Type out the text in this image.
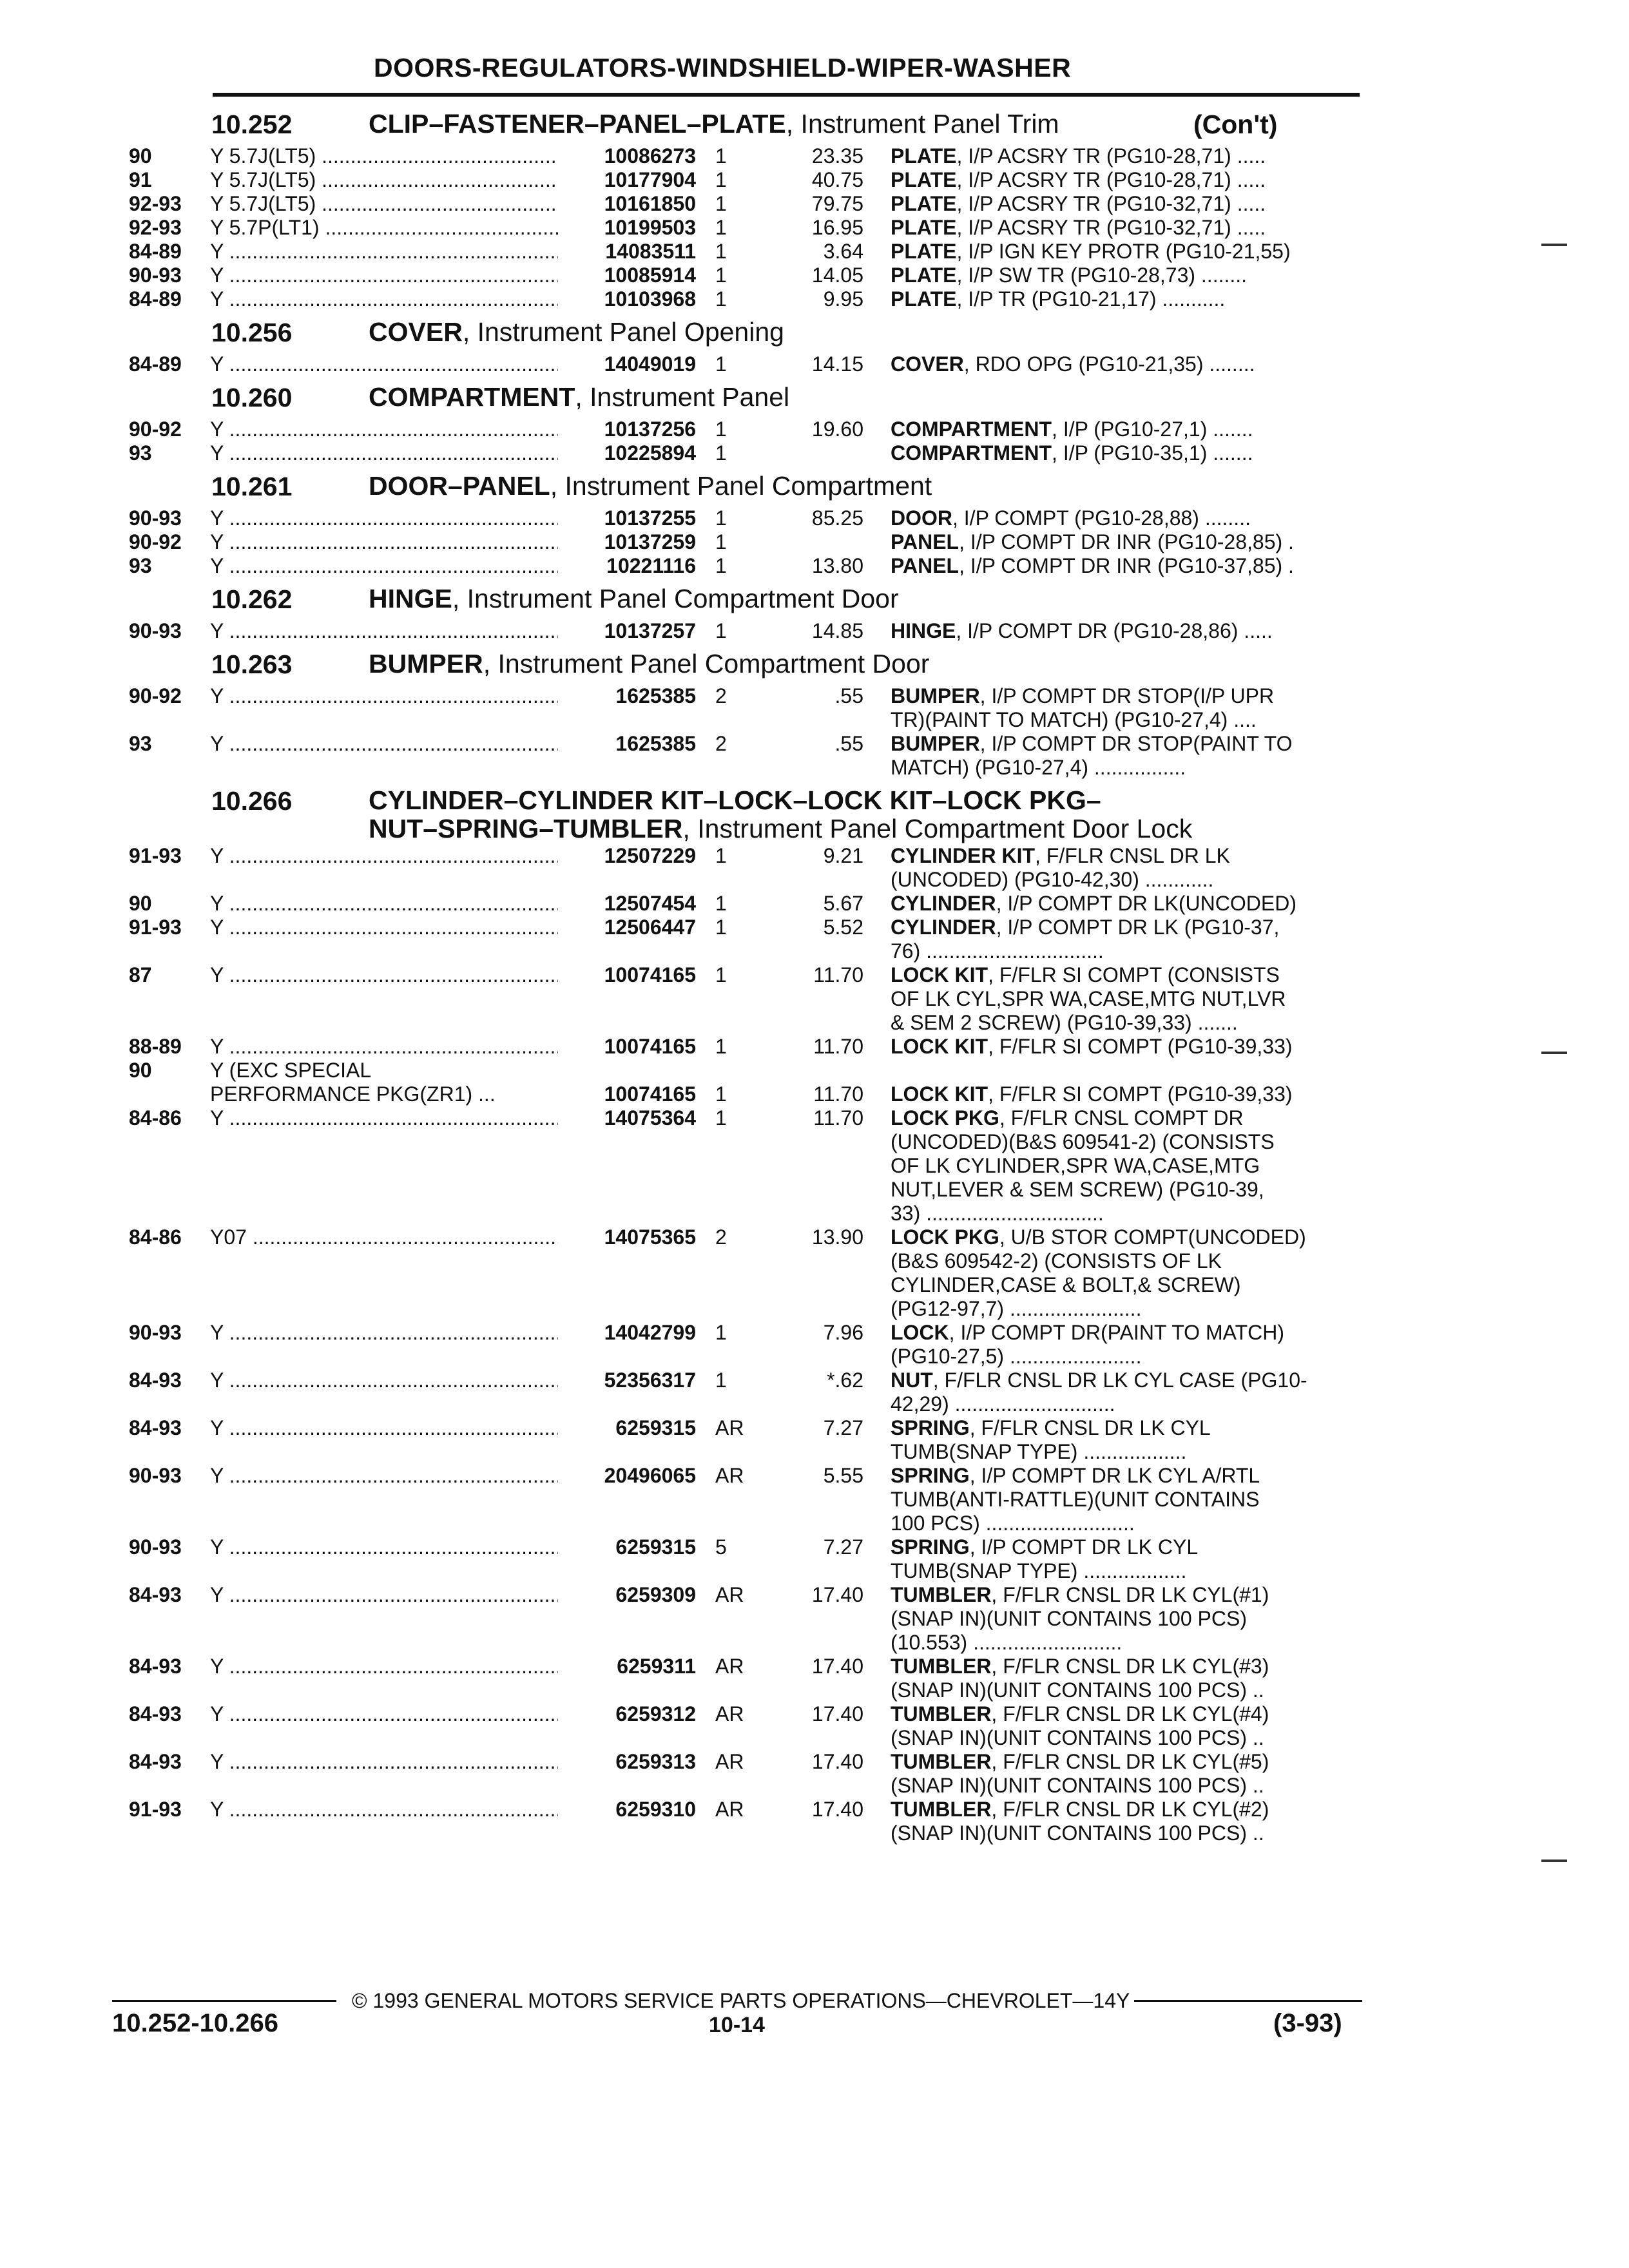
DOORS-REGULATORS-WINDSHIELD-WIPER-WASHER
10.252	CLIP–FASTENER–PANEL–PLATE, Instrument Panel Trim	(Con't)
90	Y 5.7J(LT5) .....	10086273 1	23.35 PLATE, I/P ACSRY TR (PG10-28,71) .....
91	Y 5.7J(LT5) .....	10177904 1	40.75 PLATE, I/P ACSRY TR (PG10-28,71) .....
92-93 Y 5.7J(LT5) .....	10161850 1	79.75 PLATE, I/P ACSRY TR (PG10-32,71) .....
92-93 Y 5.7P(LT1) .....	10199503 1	16.95 PLATE, I/P ACSRY TR (PG10-32,71) .....
84-89 Y .....	14083511 1	3.64 PLATE, I/P IGN KEY PROTR (PG10-21,55)
90-93 Y .....	10085914 1	14.05 PLATE, I/P SW TR (PG10-28,73) ........
84-89 Y .....	10103968 1	9.95 PLATE, I/P TR (PG10-21,17) ...........
10.256	COVER, Instrument Panel Opening
84-89 Y .....	14049019 1	14.15 COVER, RDO OPG (PG10-21,35) ........
10.260	COMPARTMENT, Instrument Panel
90-92 Y .....	10137256 1	19.60 COMPARTMENT, I/P (PG10-27,1) .......
93	Y .....	10225894 1	COMPARTMENT, I/P (PG10-35,1) .......
10.261	DOOR–PANEL, Instrument Panel Compartment
90-93 Y .....	10137255 1	85.25 DOOR, I/P COMPT (PG10-28,88) ........
90-92 Y .....	10137259 1	PANEL, I/P COMPT DR INR (PG10-28,85) .
93	Y .....	10221116 1	13.80 PANEL, I/P COMPT DR INR (PG10-37,85) .
10.262	HINGE, Instrument Panel Compartment Door
90-93 Y .....	10137257 1	14.85 HINGE, I/P COMPT DR (PG10-28,86) .....
10.263	BUMPER, Instrument Panel Compartment Door
90-92 Y .....	1625385 2	.55 BUMPER, I/P COMPT DR STOP(I/P UPR
TR)(PAINT TO MATCH) (PG10-27,4) ....
93	Y .....	1625385 2	.55 BUMPER, I/P COMPT DR STOP(PAINT TO
MATCH) (PG10-27,4) ................
10.266	CYLINDER–CYLINDER KIT–LOCK–LOCK KIT–LOCK PKG–
NUT–SPRING–TUMBLER, Instrument Panel Compartment Door Lock
91-93 Y .....	12507229 1	9.21 CYLINDER KIT, F/FLR CNSL DR LK
(UNCODED) (PG10-42,30) ............
90	Y .....	12507454 1	5.67 CYLINDER, I/P COMPT DR LK(UNCODED)
91-93 Y .....	12506447 1	5.52 CYLINDER, I/P COMPT DR LK (PG10-37,
76) ...............................
87	Y .....	10074165 1	11.70 LOCK KIT, F/FLR SI COMPT (CONSISTS
OF LK CYL,SPR WA,CASE,MTG NUT,LVR
& SEM 2 SCREW) (PG10-39,33) .......
88-89 Y .....	10074165 1	11.70 LOCK KIT, F/FLR SI COMPT (PG10-39,33)
90	Y (EXC SPECIAL
PERFORMANCE PKG(ZR1) ...	10074165 1	11.70 LOCK KIT, F/FLR SI COMPT (PG10-39,33)
84-86 Y .....	14075364 1	11.70 LOCK PKG, F/FLR CNSL COMPT DR
(UNCODED)(B&S 609541-2) (CONSISTS
OF LK CYLINDER,SPR WA,CASE,MTG
NUT,LEVER & SEM SCREW) (PG10-39,
33) ...............................
84-86 Y07 .....	14075365 2	13.90 LOCK PKG, U/B STOR COMPT(UNCODED)
(B&S 609542-2) (CONSISTS OF LK
CYLINDER,CASE & BOLT,& SCREW)
(PG12-97,7) .......................
90-93 Y .....	14042799 1	7.96 LOCK, I/P COMPT DR(PAINT TO MATCH)
(PG10-27,5) .......................
84-93 Y .....	52356317 1	*.62 NUT, F/FLR CNSL DR LK CYL CASE (PG10-
42,29) ............................
84-93 Y .....	6259315 AR	7.27 SPRING, F/FLR CNSL DR LK CYL
TUMB(SNAP TYPE) ..................
90-93 Y .....	20496065 AR	5.55 SPRING, I/P COMPT DR LK CYL A/RTL
TUMB(ANTI-RATTLE)(UNIT CONTAINS
100 PCS) ..........................
90-93 Y .....	6259315 5	7.27 SPRING, I/P COMPT DR LK CYL
TUMB(SNAP TYPE) ..................
84-93 Y .....	6259309 AR	17.40 TUMBLER, F/FLR CNSL DR LK CYL(#1)
(SNAP IN)(UNIT CONTAINS 100 PCS)
(10.553) ..........................
84-93 Y .....	6259311 AR	17.40 TUMBLER, F/FLR CNSL DR LK CYL(#3)
(SNAP IN)(UNIT CONTAINS 100 PCS) ..
84-93 Y .....	6259312 AR	17.40 TUMBLER, F/FLR CNSL DR LK CYL(#4)
(SNAP IN)(UNIT CONTAINS 100 PCS) ..
84-93 Y .....	6259313 AR	17.40 TUMBLER, F/FLR CNSL DR LK CYL(#5)
(SNAP IN)(UNIT CONTAINS 100 PCS) ..
91-93 Y .....	6259310 AR	17.40 TUMBLER, F/FLR CNSL DR LK CYL(#2)
(SNAP IN)(UNIT CONTAINS 100 PCS) ..
© 1993 GENERAL MOTORS SERVICE PARTS OPERATIONS—CHEVROLET—14Y
10.252-10.266	10-14	(3-93)
